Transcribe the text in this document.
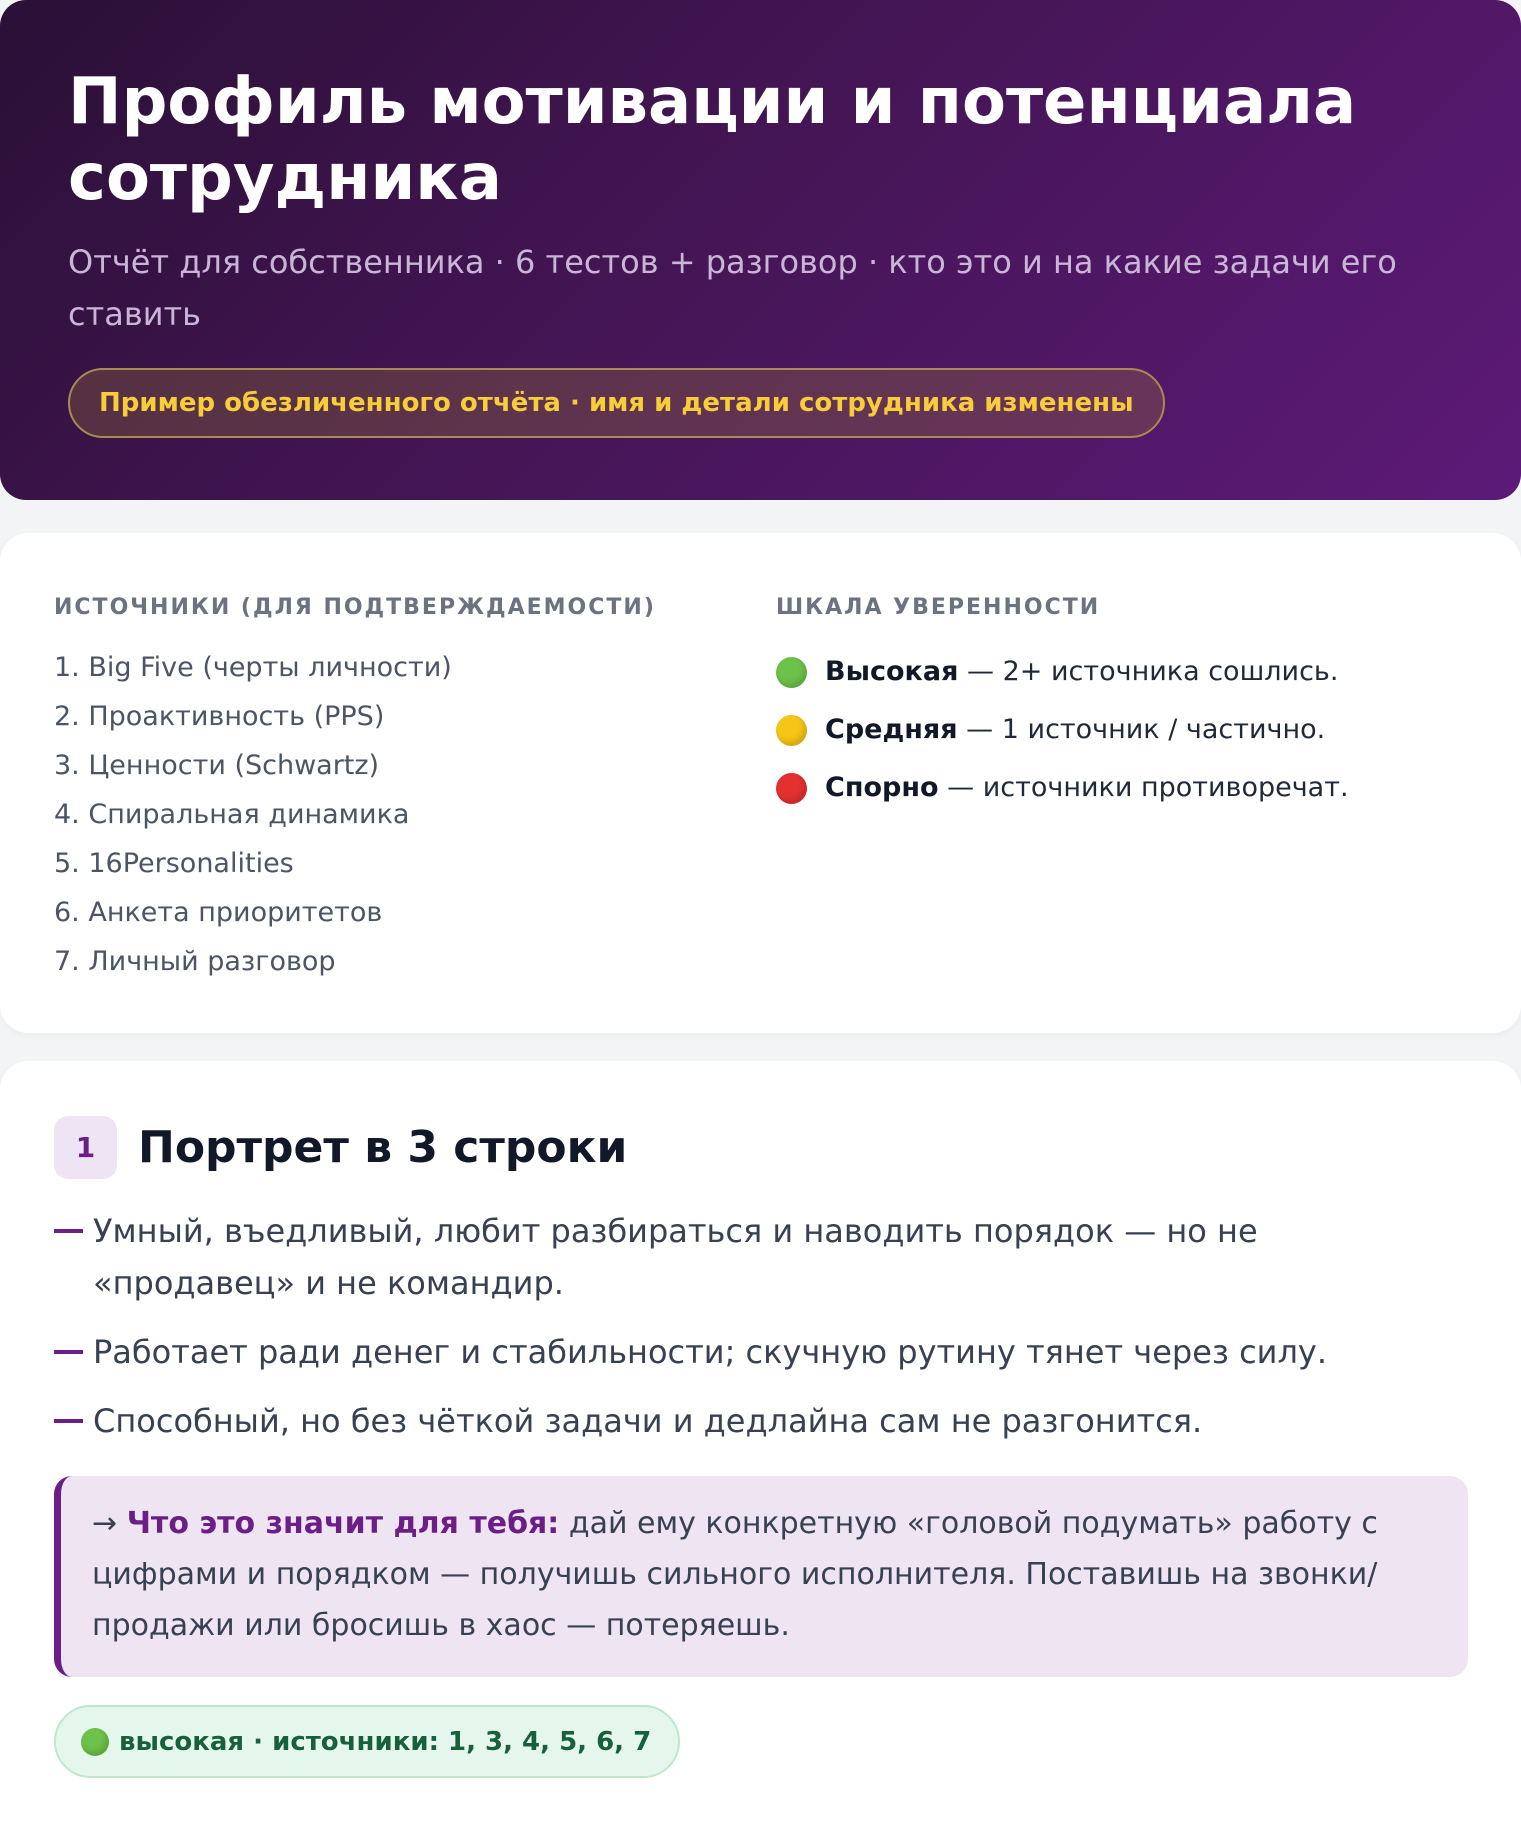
Профиль мотивации и потенциала сотрудника

Отчёт для собственника · 6 тестов + разговор · кто это и на какие задачи его ставить

Пример обезличенного отчёта · имя и детали сотрудника изменены
ИСТОЧНИКИ (ДЛЯ ПОДТВЕРЖДАЕМОСТИ)
1. Big Five (черты личности)
2. Проактивность (PPS)
3. Ценности (Schwartz)
4. Спиральная динамика
5. 16Personalities
6. Анкета приоритетов
7. Личный разговор
ШКАЛА УВЕРЕННОСТИ
Высокая — 2+ источника сошлись.
Средняя — 1 источник / частично.
Спорно — источники противоречат.
1 Портрет в 3 строки
Умный, въедливый, любит разбираться и наводить порядок — но не «продавец» и не командир.
Работает ради денег и стабильности; скучную рутину тянет через силу.
Способный, но без чёткой задачи и дедлайна сам не разгонится.
→ Что это значит для тебя: дай ему конкретную «головой подумать» работу с цифрами и порядком — получишь сильного исполнителя. Поставишь на звонки/продажи или бросишь в хаос — потеряешь.
высокая · источники: 1, 3, 4, 5, 6, 7
